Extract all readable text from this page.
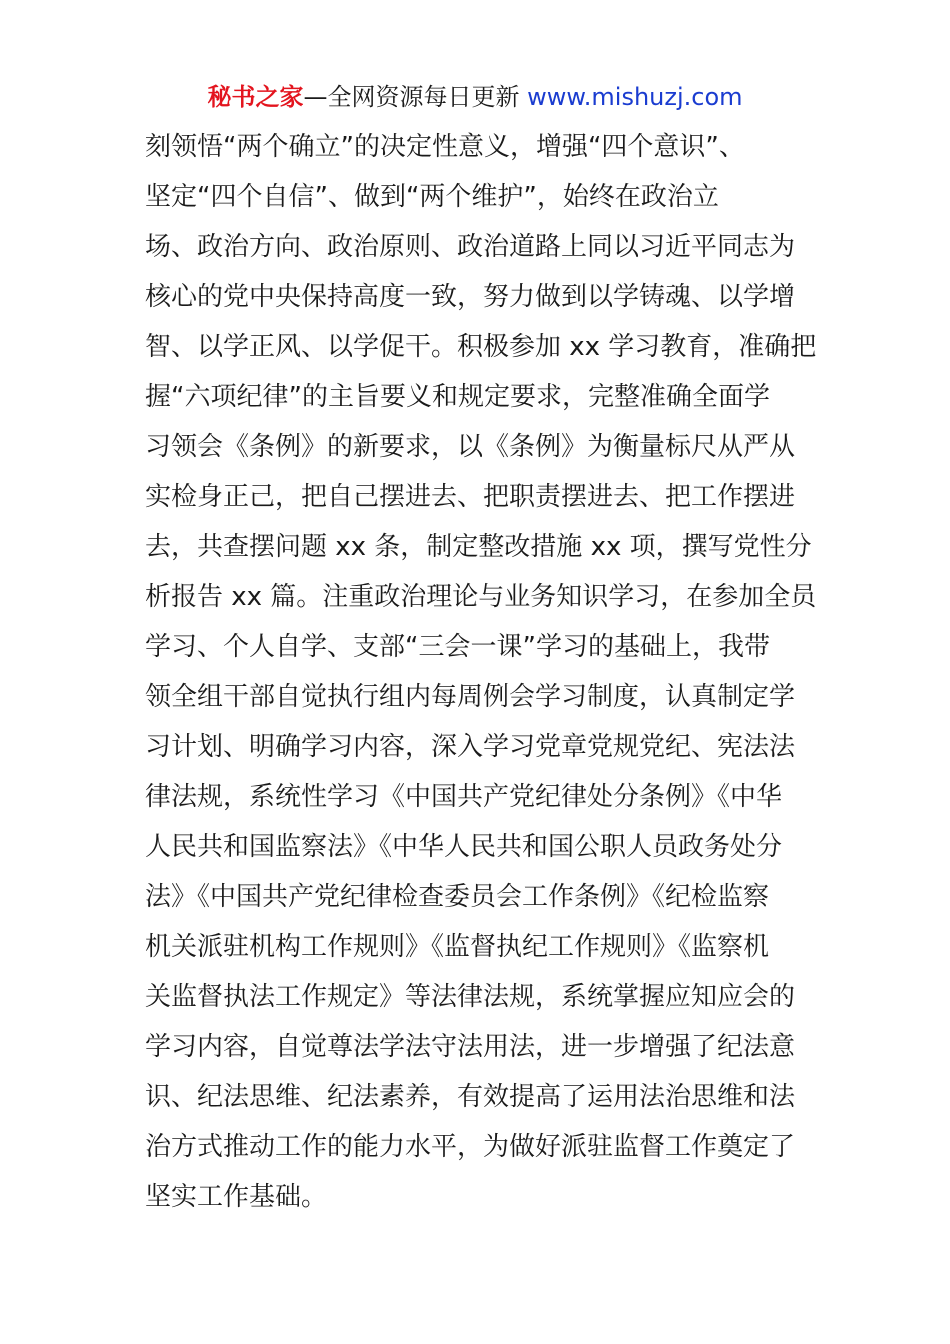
秘书之家—全网资源每日更新 www.mishuzj.com
刻领悟“两个确立”的决定性意义，增强“四个意识”、
坚定“四个自信”、做到“两个维护”，始终在政治立
场、政治方向、政治原则、政治道路上同以习近平同志为
核心的党中央保持高度一致，努力做到以学铸魂、以学增
智、以学正风、以学促干。积极参加 xx 学习教育，准确把
握“六项纪律”的主旨要义和规定要求，完整准确全面学
习领会《条例》的新要求，以《条例》为衡量标尺从严从
实检身正己，把自己摆进去、把职责摆进去、把工作摆进
去，共查摆问题 xx 条，制定整改措施 xx 项，撰写党性分
析报告 xx 篇。注重政治理论与业务知识学习，在参加全员
学习、个人自学、支部“三会一课”学习的基础上，我带
领全组干部自觉执行组内每周例会学习制度，认真制定学
习计划、明确学习内容，深入学习党章党规党纪、宪法法
律法规，系统性学习《中国共产党纪律处分条例》《中华
人民共和国监察法》《中华人民共和国公职人员政务处分
法》《中国共产党纪律检查委员会工作条例》《纪检监察
机关派驻机构工作规则》《监督执纪工作规则》《监察机
关监督执法工作规定》等法律法规，系统掌握应知应会的
学习内容，自觉尊法学法守法用法，进一步增强了纪法意
识、纪法思维、纪法素养，有效提高了运用法治思维和法
治方式推动工作的能力水平，为做好派驻监督工作奠定了
坚实工作基础。
